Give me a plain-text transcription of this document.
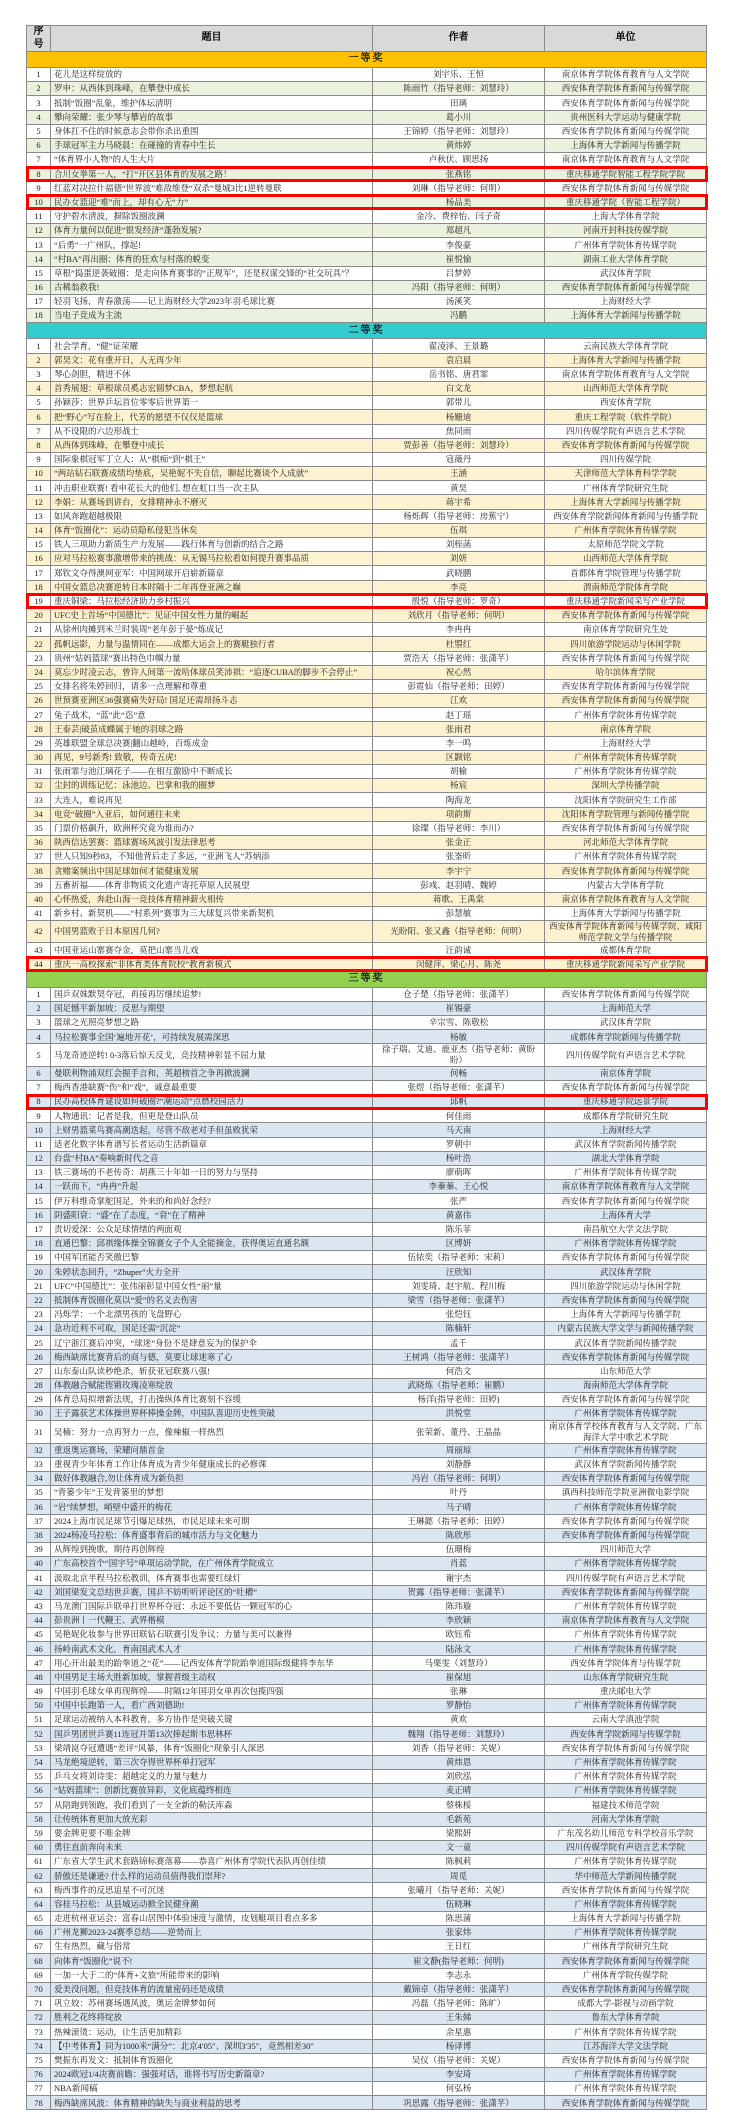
序号	题目	作者	单位
一等奖			
1	花儿是这样绽放的	刘宇乐、王恒	南京体育学院体育教育与人文学院
2	罗申：从西体到珠峰，在攀登中成长	陈雨竹（指导老师：刘慧玲）	西安体育学院体育新闻与传媒学院
3	抵制“饭圈”乱象，维护体坛清明	田璃	西安体育学院体育新闻与传媒学院
4	攀向荣耀：张少琴与攀岩的故事	葛小川	贵州医科大学运动与健康学院
5	身体扛不住的时候意志会带你杀出重围	王锦婷（指导老师：刘慧玲）	西安体育学院体育新闻与传媒学院
6	手球冠军主力马晓晨：在碰撞的青春中生长	黄炜婷	上海体育大学新闻与传播学院
7	“体育界小人物”的人生大片	卢秋伏、顾思扬	南京体育学院体育教育与人文学院
8	合川女拳第一人，“打”开区县体育的发展之路！	张燕铭	重庆移通学院智能工程学院学院
9	红蓝对决拉什福德“世界波”难敌维登“双杀”曼城3比1逆转曼联	刘琳（指导老师：何明）	西安体育学院体育新闻与传媒学院
10	民办女篮迎“难”而上，却有心无“力”	杨品美	重庆移通学院（智能工程学院）
11	守护碧水清波，摒除饭圈波澜	金冷、费梓怡、闫子奇	上海大学体育学院
12	体育力量何以促进“银发经济”蓬勃发展?	郑超凡	河南开封科技传媒学院
13	“后勇”一广州队，撑起!	李俊豪	广州体育学院体育传媒学院
14	“村BA”再出圈：体育的狂欢与村落的蜕变	崔悦愉	湖南工业大学体育学院
15	草根”捣蛋逆袭破圈：是走向体育赛事的“正规军”，还是权谋交锋的“社交玩具”？	吕梦婷	武汉体育学院
16	古稀翁救我!	冯阳（指导老师：何明）	西安体育学院体育新闻与传媒学院
17	轻羽飞扬，青春激荡——记上海财经大学2023年羽毛球比赛	汤溪笑	上海财经大学
18	当电子竞成为主流	冯鹏	上海体育大学新闻与传播学院
二等奖			
1	社会学育，“健”证荣耀	翟凌泽、王景璐	云南民族大学体育学院
2	郭昊文：花有重开日，人无再少年	袁启晨	上海体育大学新闻与传播学院
3	琴心剑胆，精进不休	岳书铭、唐君霏	南京体育学院体育教育与人文学院
4	首秀展翅：草根球员奚志宏圆梦CBA，梦想起航	白文龙	山西师范大学体育学院
5	孙颖莎：世界乒坛首位零零后世界第一	郭带儿	西安体育学院
6	把“野心”写在脸上，代芳的愿望不仅仅是篮球	杨姗迪	重庆工程学院（软件学院）
7	从不设限的六边形战士	焦同雨	四川传媒学院有声语言艺术学院
8	从西体到珠峰，在攀登中成长	贾彭善（指导老师：刘慧玲）	西安体育学院体育新闻与传媒学院
9	国际象棋冠军丁立人：从“棋痴”到“棋王”	寇薇丹	四川传媒学院
10	“两站钻石联赛成绩均垫底，吴艳妮不失自信，聊起比赛谈个人成就”	王涵	天津师范大学体育科学学院
11	冲击职业联赛! 看申花长大的他们, 想在虹口当一次主队	黄昊	广州体育学院研究生院
12	李娟：从赛场到讲台，女排精神永不磨灭	蒋宇希	上海体育大学新闻与传播学院
13	如风奔跑超越极限	杨烁辉（指导老师：房蕉宁）	西安体育学院新闻体育新闻与传播学院
14	体育“饭圈化”：运动员隐私侵犯当休矣	伍琪	广州体育学院体育传媒学院
15	铁人三项助力新质生产力发展——践行体育与创新的结合之路	刘桎菡	太原师范学院文学院
16	应对马拉松赛事激增带来的挑战：从无锡马拉松看如何提升赛事品质	刘妍	山西师范大学体育学院
17	郑钦文夺得澳网亚军：中国网球开启崭新篇章	武晓鹏	首都体育学院管理与传播学院
18	中国女篮总决赛逆转日本时隔十二年再登亚洲之巅	李亮	渭南师范学院体育学院
19	重庆铜梁：马拉松经济助力乡村振兴	殷悦（指导老师：罗奇）	重庆移通学院新闻采写产业学院
20	UFC史上首场“中国德比”：见证中国女性力量的崛起	刘欣月（指导老师：何明）	西安体育学院体育新闻与传媒学院
21	从徐州肉摊到米兰时装周“老年彭于晏”炼成记	李冉冉	南京体育学院研究生处
22	孤帆远影，力量与温情同在——成都大运会上的赛艇独行者	杜曌红	四川旅游学院运动与休闲学院
23	贵州“姑妈篮球”赛出特色巾帼力量	贾浩天（指导老师：张潇芊）	西安体育学院体育新闻与传媒学院
24	莫忘少时凌云志，曾许人间第一流哈体球员笑沛祺：“追逐CUBA的脚步不会停止”	祝心然	哈尔滨体育学院
25	女排名将朱婷回归，请多一点理解和尊重	彭霓仙（指导老师：田婷）	西安体育学院体育新闻与传媒学院
26	世预赛亚洲区36强赛痛失好局! 国足还需昂扬斗志	江欢	西安体育学院体育新闻与传媒学院
27	兔子战术，“蓝”此“恣”意	赵丁瑶	广州体育学院体育传媒学院
28	王泰芸|破茧成蝶属于她的羽球之路	张雨君	南京体育学院
29	英雄联盟全球总决赛|翻山越岭，百炼成金	李一鸣	上海财经大学
30	再见，9号新秀! 致敬，传奇五虎!	区颢铭	广州体育学院体育传媒学院
31	张雨霏与池江璃花子——在相互激励中不断成长	胡榆	广州体育学院体育传媒学院
32	尘封的训练记忆：泳池边、巴掌和我的圈梦	杨宸	深圳大学传播学院
33	大连人，难说再见	陶海龙	沈阳体育学院研究生工作部
34	电竞“破圈”入亚后，如何通往未来	项韵斯	沈阳体育学院管理与新闻传播学院
35	门票价格飙升，欧洲杯究竟为谁而办?	徐璨（指导老师：李川）	西安体育学院体育新闻与传媒学院
36	陕西信达罢赛：篮球赛场风波引发法律思考	张金正	河北师范大学体育学院
37	世人只知9秒83，不知他背后走了多远，“亚洲飞人”苏炳添	张崟昕	广州体育学院体育传媒学院
38	贪赌案频出中国足球如何才能健康发展	李宇宁	西安体育学院体育新闻与传媒学院
39	五畜祈福——体育非物质文化遗产寄托草原人民展望	彭彧、赵羽晴、魏婷	内蒙古大学体育学院
40	心怀热爱，奔赴山海一竞技体育精神薪火相传	蒋歌、王禹棠	南京体育学院体育教育与人文学院
41	新乡村、新契机——“村系列”赛事为三大球复兴带来新契机	彭慧敏	上海体育大学新闻与传播学院
42	中国男篮败于日本原因几何?	光盼阳、张又鑫（指导老师：何明）	西安体育学院体育新闻与传媒学院、咸阳师范学院文学与传播学院
43	中国亚运山寨赛夺金，莫把山寨当儿戏	汪韵诚	成都体育学院
44	重庆一高校探索“非体育类体育院校”教育新模式	闵健萍、梁心月、陈尧	重庆移通学院新闻采写产业学院
三等奖			
1	国乒双姝默契夺冠，再接再厉继续追梦!	仓子楚（指导老师：张潇芊）	西安体育学院体育新闻与传媒学院
2	国足憾平新加坡：反思与期望	崔锡豪	上海师范大学
3	篮球之光照亮梦想之路	辛宗雪、陈敬松	武汉体育学院
4	马拉松赛事全国‘遍地开花’，可持续发展需深思	杨敏	成都体育学院新闻与传播学院
5	马龙奇迹逆转! 0-3落后惊天反戈，竞技精神彰显不屈力量	徐子瑞、艾迪、鹿亚杰（指导老师：黄盼盼）	四川传媒学院有声语言艺术学院
6	曼联利物浦双红会握手言和，英超榜首之争再掀波澜	何畅	南京体育学院
7	梅西香港缺赛“伤”和“戏”，诚意最重要	张煜（指导老师：张潇芊）	西安体育学院体育新闻与传媒学院
8	民办高校体育建设如何破圈?“潮运动”点燃校园活力	邱帆	重庆移通学院远景学院
9	人物通讯：记者是我，但更是登山队员	何佳雨	成都体育学院研究生院
10	上财男篮菜鸟赛高潮迭起，尽管不敌老对手但虽败犹荣	马天南	上海财经大学
11	适老化数字体育谱写长者运动生活新篇章	罗朝中	武汉体育学院新闻传播学院
12	台盘“村BA”奏响新时代之音	杨叶浩	湖北大学体育学院
13	铁三赛场的不老传奇：胡燕三十年如一日的努力与坚持	廖萌晖	广州体育学院体育传媒学院
14	一跃而下，“冉冉”升起	李蓁蓁、王心悦	南京体育学院体育教育与人文学院
15	伊万科维奇掌舵国足，外来的和尚好念经?	张严	西安体育学院体育新闻与传媒学院
16	阴盛阳衰：“盛”在了态度，“衰”在了精神	黄嘉伟	上海体育大学
17	责切爱深：公众足球情绪的两面观	陈乐菲	南昌航空大学文法学院
18	直通巴黎：邱祺缘体操全锦赛女子个人全能摘金，获得奥运直通名额	区博妍	广州体育学院体育传媒学院
19	中国军团能否笑傲巴黎	伍铱奕（指导老师：宋莉）	西安体育学院体育新闻与传媒学院
20	朱婷状态回升，“Zhuper”火力全开	汪欣知	武汉体育学院
21	UFC“中国德比”：张伟丽彰显中国女性“丽”量	刘雯琦、赵宇航、程川梅	四川旅游学院运动与休闲学院
22	抵制体育饭圈化莫以“爱”的名义去伤害	梁雪（指导老师：张潇芊）	西安体育学院体育新闻与传媒学院
23	冯烁学：一个北漂男孩的飞盘野心	张恺钰	上海体育大学新闻与传播学院
24	急功近利不可取，国足还需“沉淀”	陈楠轩	内蒙古民族大学文学与新闻传播学院
25	辽宁浙江赛后冲突，“球迷”身份不是肆意妄为的保护伞	孟千	武汉体育学院新闻传播学院
26	梅西缺席比赛背后的商与德，莫要让球迷寒了心	王树鸿（指导老师：张潇芊）	西安体育学院体育新闻与传媒学院
27	山东泰山队读秒绝杀，斩获亚冠联赛八强!	何浩文	山东师范大学
28	体教融合赋能铿锵玫瑰凌寒绽放	武晓炼（指导老师：崔鹏）	海南师范大学体育学院
29	体育总局拟增新法规，打击操纵体育比赛刻不容缓	杨洋(指导老师：田婷)	西安体育学院体育新闻与传媒学院
30	王子露获艺术体操世界杯棒操金牌，中国队喜迎历史性突破	洪悦堂	广州体育学院体育传媒学院
31	吴楠：努力一点再努力一点，像辣椒一样热烈	张荣新、董丹、王晶晶	南京体育学校体育教育与人文学院、广东海洋大学中歌艺术学院
32	重返奥运赛场，荣耀问鼎首金	周丽琼	广州体育学院体育传媒学院
33	重视青少年体育工作让体育成为青少年健康成长的必修课	刘静静	武汉体育学院新闻传播学院
34	做好体教融合,勿让体育成为新负担	冯岩（指导老师：何明）	西安体育学院体育新闻与传媒学院
35	“背篓少年”王发背篓里的梦想	叶丹	滇西科技师范学院亚洲微电影学院
36	“岩”续梦想，峭壁中盛开的梅花	马子晴	广州体育学院体育传媒学院
37	2024上海市民足球节引爆足球热，市民足球未来可期	王琳懿（指导老师：田婷）	西安体育学院体育新闻与传媒学院
38	2024杨凌马拉松：体育盛事背后的城市活力与文化魅力	陈欣彤	西安体育学院体育新闻与传媒学院
39	从辉煌到挽歌，期待再创辉煌	伍珊梅	四川师范大学
40	广东高校首个“国字号”单项运动学院，在广州体育学院成立	肖蓝	广州体育学院体育传媒学院
41	汲取北京半程马拉松教训，体育赛事也需要红绿灯	谢宇杰	四川传媒学院有声语言艺术学院
42	刘国梁发文总结世乒赛，国乒不妨听听评论区的“吐槽”	贺露（指导老师：张潇芊）	西安体育学院体育新闻与传媒学院
43	马龙澳门国际乒联单打世界杯夺冠：永远不要低估一颗冠军的心	陈玮璇	广州体育学院体育传媒学院
44	彭贵洲丨一代鞭王、武界楷模	李欣颖	南京体育学院体育教育与人文学院
45	吴艳妮化妆参与世界田联钻石联赛引发争议：力量与美可以兼得	欧钰希	广州体育学院体育传媒学院
46	扬岭南武术文化，育南国武术人才	陆泳文	广州体育学院体育传媒学院
47	用心开出最美的跆拳道之“花”——记西安体育学院跆拳道国际级健将李东华	马栗雯（刘慧玲）	西安体育学院体育与传媒学院
48	中国男足主场大胜新加坡，掌握晋级主动权	崔保旭	山东体育学院研究生院
49	中国羽毛球女单再现辉煌——时隔12年国羽女单再次包揽四强	张琳	重庆邮电大学
50	中国中长跑第一人，看广西刘德助!	罗静怡	广州体育学院体育传媒学院
51	足球运动被纳入本科教育，多方协作是突破关键	黄欢	云南大学滇池学院
52	国乒男团世乒赛11连冠并第13次捧起斯韦思林杯	魏翔（指导老师：刘慧玲）	西安体育学院新闻与传媒学院
53	梁靖崑夺冠遭遇“差评”风暴，体育“饭圈化”现象引人深思	刘香（指导老师：关妮）	西安体育学院体育新闻与传媒学院
54	马龙绝境逆转，第三次夺得世界杯单打冠军	黄炜恩	广州体育学院体育传媒学院
55	乒乓女将刘诗雯：超越定义的力量与魅力	刘欣泓	广州体育学院体育传媒学院
56	“姑妈篮球”：创新比赛放异彩，文化底蕴终相连	麦正晴	广州体育学院体育传媒学院
57	从陪跑到领跑，我们看到了一支全新的勒沃库森	蔡株桵	福建技术师范学院
58	让传统体育更加大放光彩	毛新苑	河南大学体育学院
59	要金牌更要不唯金牌	梁熙妍	广东茂名幼儿师范专科学校音乐学院
60	勇往直前奔向未来	文一童	四川传媒学院有声语言艺术学院
61	广东省大学生武术套路锦标赛落幕——恭喜广州体育学院代表队再创佳绩	陈枫莉	广州体育学院体育传媒学院
62	骄傲还是谦逊? 什么样的运动员值得我们崇拜?	周觅	华中师范大学新闻传播学院
63	梅西事件的反思追星不可沉迷	张曦月（指导老师：关妮）	西安体育学院体育新闻与传媒学院
64	容桂马拉松：从县城运动掀全民健身潮	伍晓琳	广州体育学院体育传媒学院
65	走进杭州亚运会：富春山居图中体验速度与激情，皮划艇项目看点多多	陈思蒲	上海体育大学新闻与传播学院
66	广州龙狮2023-24赛季总结——逆势而上	张家炜	广州体育学院体育传媒学院
67	生有热烈，藏与俗常	王日红	广州体育学院研究生院
68	向体育“饭圈化”说不!	崔文静(指导老师：何明)	西安体育学院体育新闻与传媒学院
69	一加一大于二的“体育+文旅”所能带来的影响	李志永	广州体育学院传媒学院
70	爱美没问题，但竞技体育的流量密码还是成绩	戴锦卓（指导老师：张潇芊）	西安体育学院体育新闻与传媒学院
71	巩立姣：苏州赛场遇风波，奥运金牌梦如何	冯磊（指导老师：陈旷）	成都大学-影视与动画学院
72	胜利之花终将绽放	王朱娣	鲁东大学体育学院
73	热辣滚烫：运动，让生活更加精彩	余星惠	广州体育学院体育传媒学院
74	【中考体育】同为1000米“满分”：北京4′05″、深圳3′35″，竟然相差30″	杨译博	江苏海洋大学文法学院
75	樊振东再发文：抵制体育饭圈化	吴仪（指导老师：关妮）	西安体育学院体育新闻与传媒学院
76	2024欧冠1/4决赛前瞻：强强对话，谁将书写历史新篇章?	李安琦	广州体育学院体育传媒学院
77	NBA新闻稿	何弘杨	广州体育学院体育传媒学院
78	梅西缺席风波：体育精神的缺失与商业利益的思考	巩思露（指导老师：张潇芊）	西安体育学院体育新闻与传媒学院
